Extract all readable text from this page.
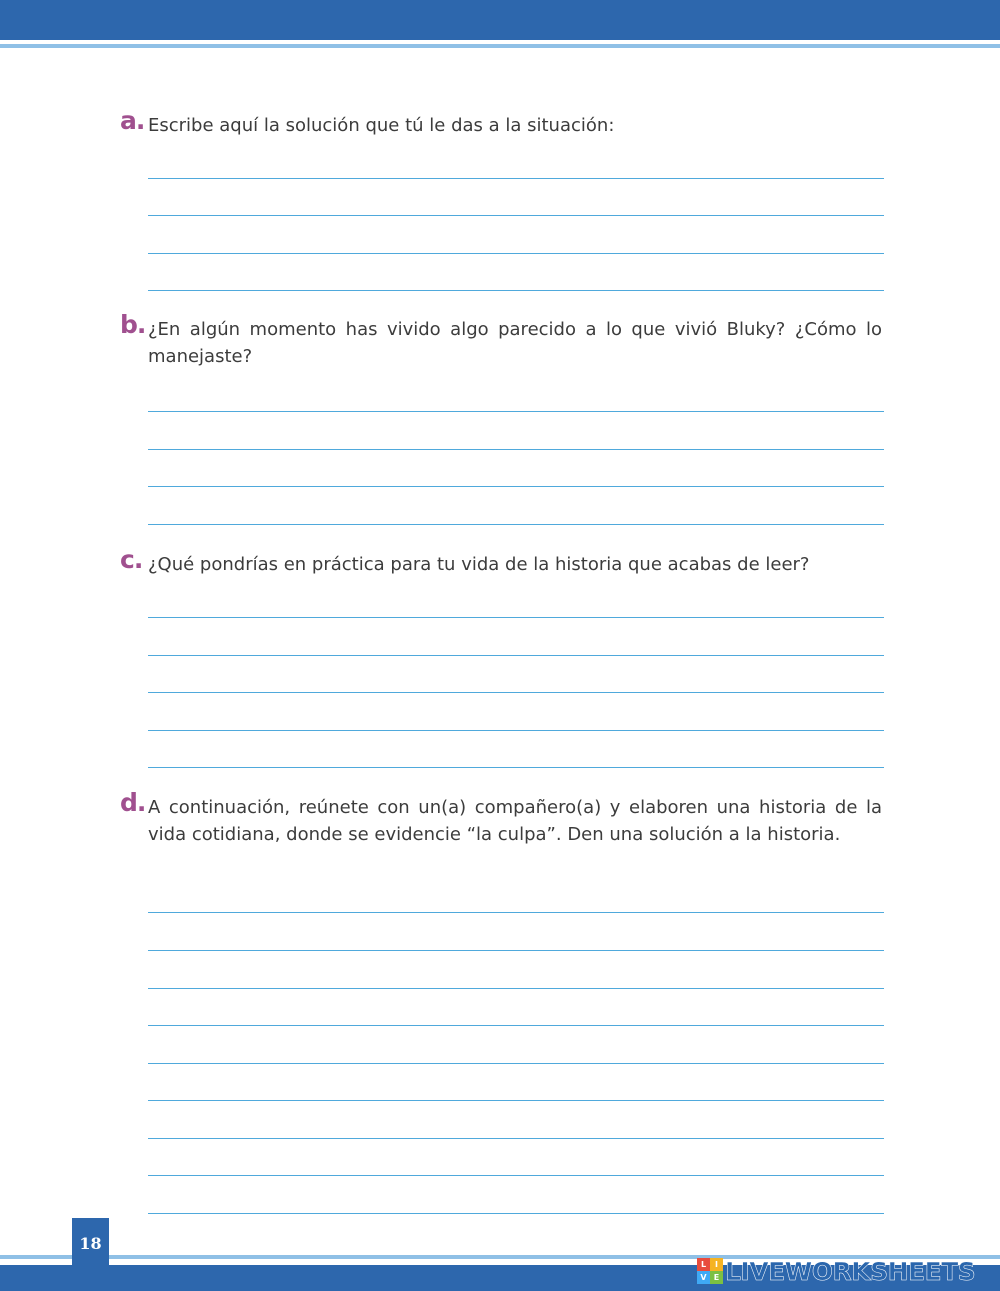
a. Escribe aquí la solución que tú le das a la situación:
b. ¿En algún momento has vivido algo parecido a lo que vivió Bluky? ¿Cómo lo manejaste?
c. ¿Qué pondrías en práctica para tu vida de la historia que acabas de leer?
d. A continuación, reúnete con un(a) compañero(a) y elaboren una historia de la vida cotidiana, donde se evidencie “la culpa”. Den una solución a la historia.
18
L	I
V E LIVEWORKSHEETS
